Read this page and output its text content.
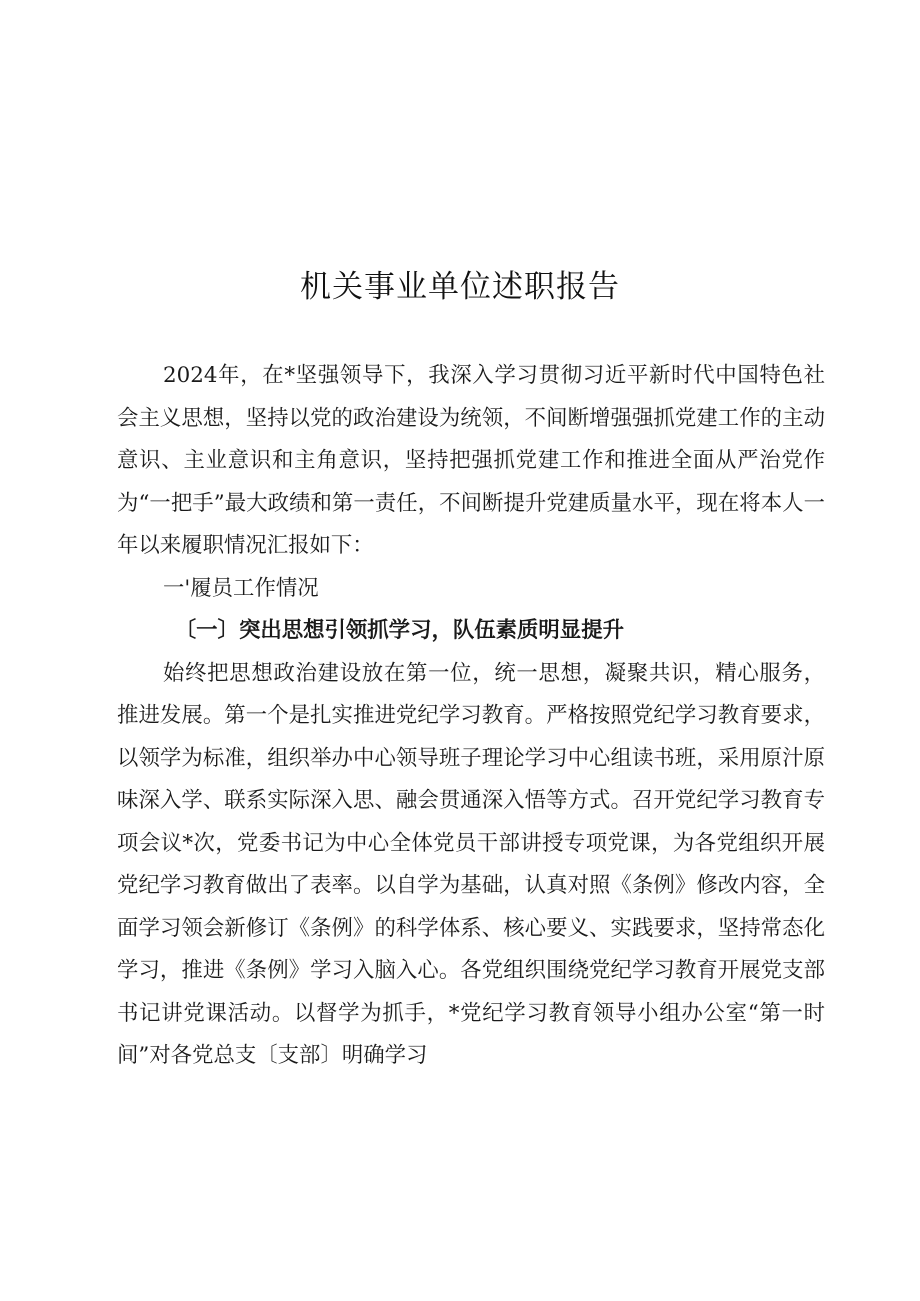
机关事业单位述职报告

2024年，在*坚强领导下，我深入学习贯彻习近平新时代中国特色社会主义思想，坚持以党的政治建设为统领，不间断增强强抓党建工作的主动意识、主业意识和主角意识，坚持把强抓党建工作和推进全面从严治党作为“一把手”最大政绩和第一责任，不间断提升党建质量水平，现在将本人一年以来履职情况汇报如下：

一'履员工作情况

〔一〕突出思想引领抓学习，队伍素质明显提升

始终把思想政治建设放在第一位，统一思想，凝聚共识，精心服务，推进发展。第一个是扎实推进党纪学习教育。严格按照党纪学习教育要求，以领学为标准，组织举办中心领导班子理论学习中心组读书班，采用原汁原味深入学、联系实际深入思、融会贯通深入悟等方式。召开党纪学习教育专项会议*次，党委书记为中心全体党员干部讲授专项党课，为各党组织开展党纪学习教育做出了表率。以自学为基础，认真对照《条例》修改内容，全面学习领会新修订《条例》的科学体系、核心要义、实践要求，坚持常态化学习，推进《条例》学习入脑入心。各党组织围绕党纪学习教育开展党支部书记讲党课活动。以督学为抓手，*党纪学习教育领导小组办公室“第一时间”对各党总支〔支部〕明确学习
